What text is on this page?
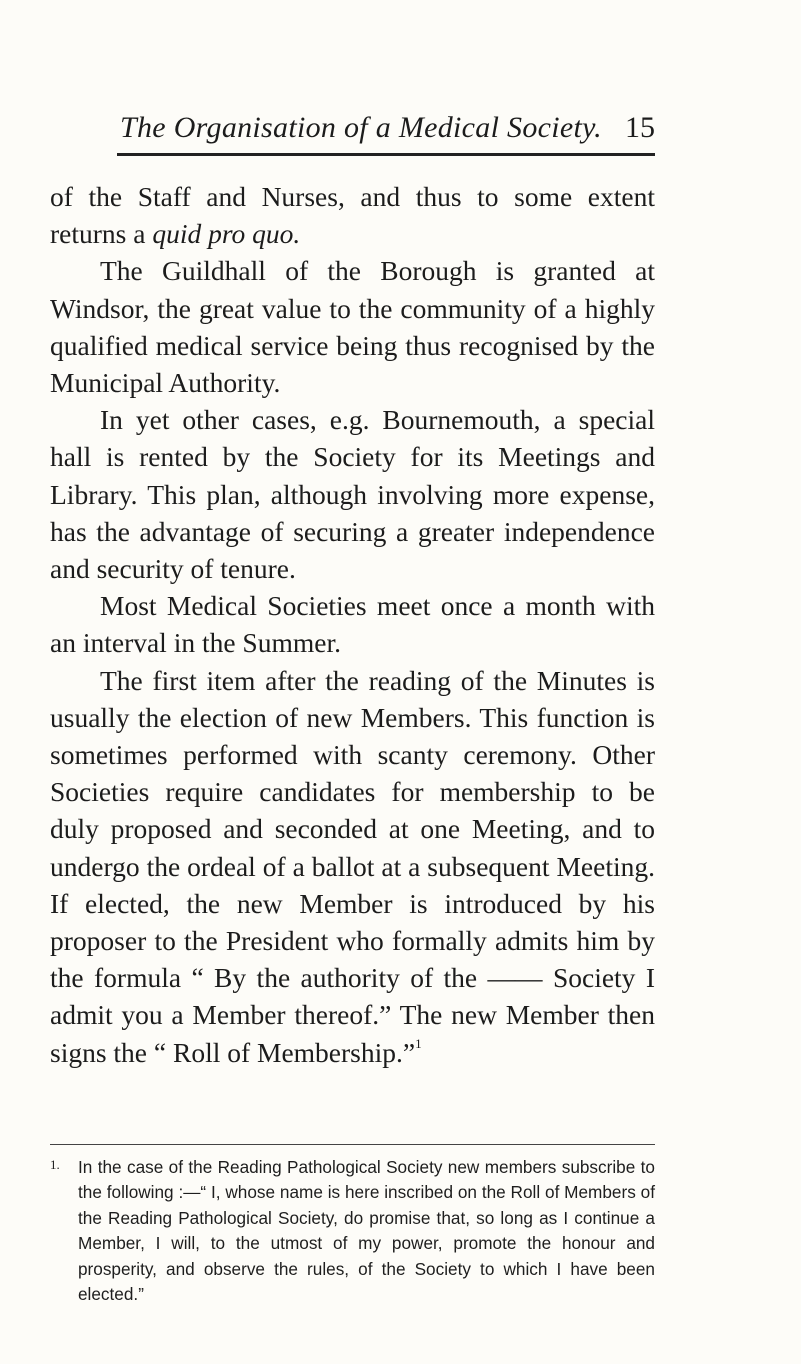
The Organisation of a Medical Society. 15

of the Staff and Nurses, and thus to some extent returns a quid pro quo.

The Guildhall of the Borough is granted at Windsor, the great value to the community of a highly qualified medical service being thus recognised by the Municipal Authority.

In yet other cases, e.g. Bournemouth, a special hall is rented by the Society for its Meetings and Library. This plan, although involving more expense, has the advantage of securing a greater independence and security of tenure.

Most Medical Societies meet once a month with an interval in the Summer.

The first item after the reading of the Minutes is usually the election of new Members. This function is sometimes performed with scanty ceremony. Other Societies require candidates for membership to be duly proposed and seconded at one Meeting, and to undergo the ordeal of a ballot at a subsequent Meeting. If elected, the new Member is introduced by his proposer to the President who formally admits him by the formula “ By the authority of the —— Society I admit you a Member thereof.” The new Member then signs the “ Roll of Membership.”$^1$

1. In the case of the Reading Pathological Society new members subscribe to the following :—“ I, whose name is here inscribed on the Roll of Members of the Reading Pathological Society, do promise that, so long as I continue a Member, I will, to the utmost of my power, promote the honour and prosperity, and observe the rules, of the Society to which I have been elected.”
